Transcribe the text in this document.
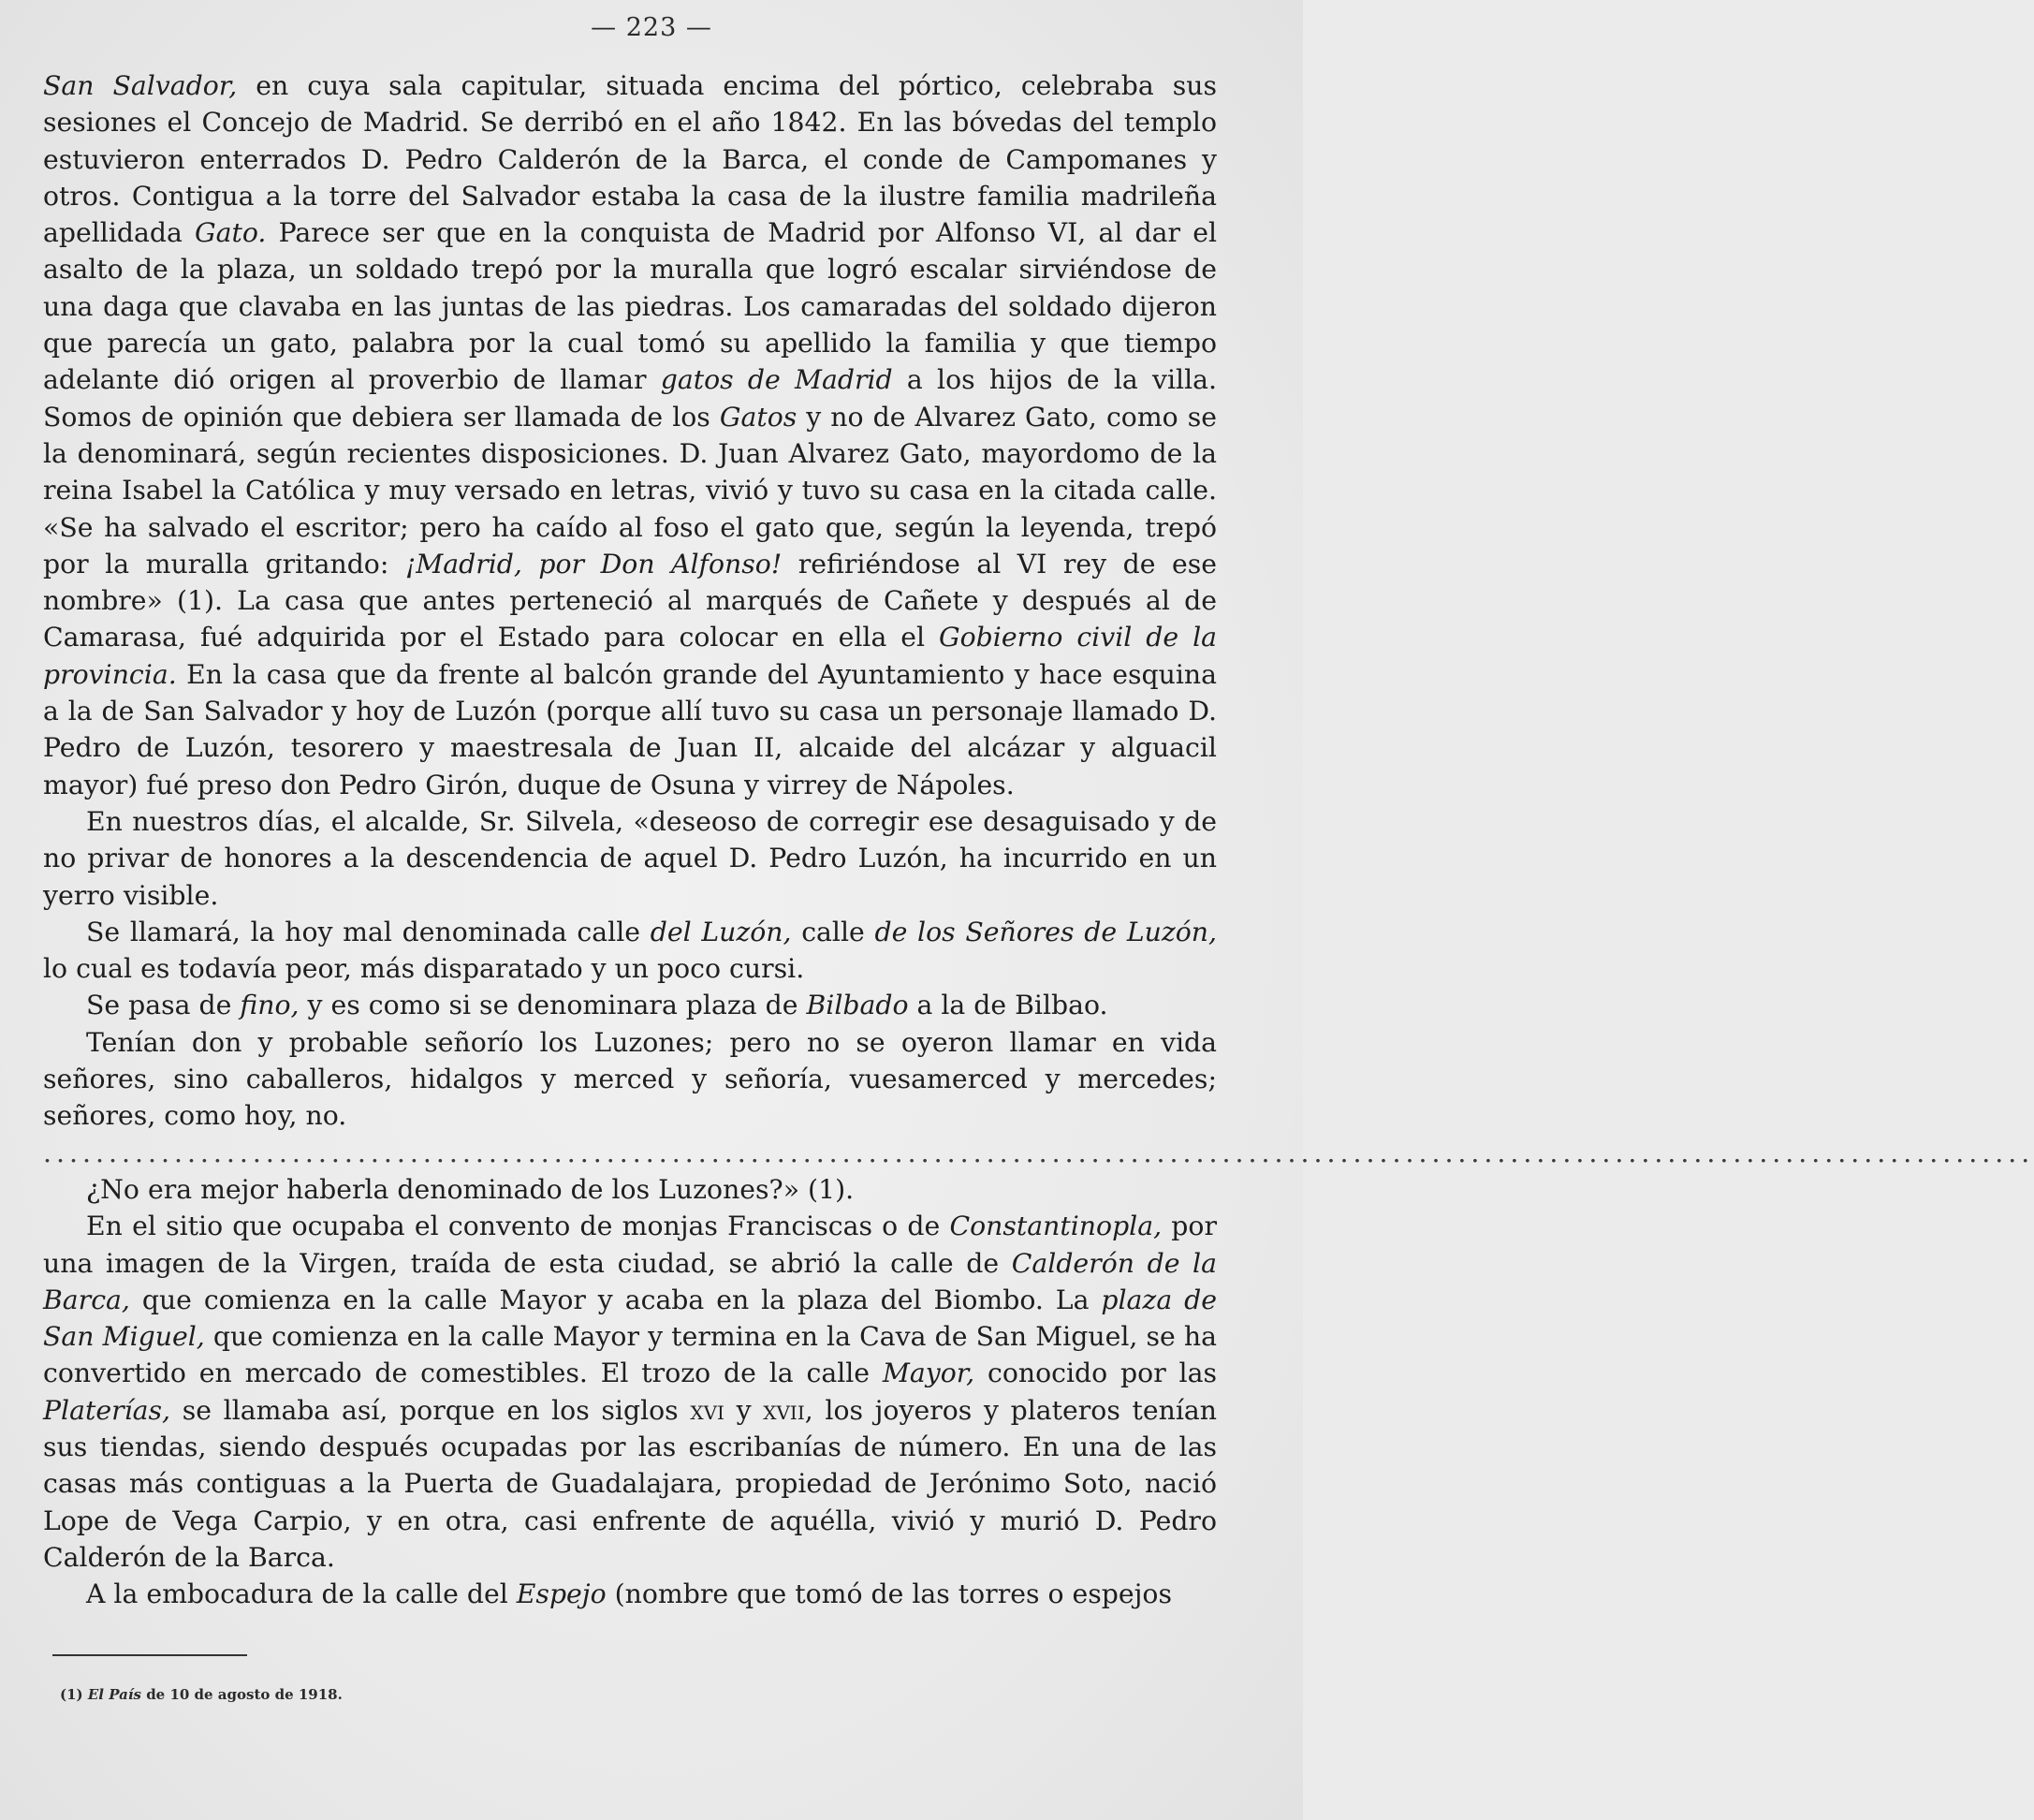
— 223 —

San Salvador, en cuya sala capitular, situada encima del pórtico, celebraba sus sesiones el Concejo de Madrid. Se derribó en el año 1842. En las bóvedas del templo estuvieron enterrados D. Pedro Calderón de la Barca, el conde de Campomanes y otros. Contigua a la torre del Salvador estaba la casa de la ilustre familia madrileña apellidada Gato. Parece ser que en la conquista de Madrid por Alfonso VI, al dar el asalto de la plaza, un soldado trepó por la muralla que logró escalar sirviéndose de una daga que clavaba en las juntas de las piedras. Los camaradas del soldado dijeron que parecía un gato, palabra por la cual tomó su apellido la familia y que tiempo adelante dió origen al proverbio de llamar gatos de Madrid a los hijos de la villa. Somos de opinión que debiera ser llamada de los Gatos y no de Alvarez Gato, como se la denominará, según recientes disposiciones. D. Juan Alvarez Gato, mayordomo de la reina Isabel la Católica y muy versado en letras, vivió y tuvo su casa en la citada calle. «Se ha salvado el escritor; pero ha caído al foso el gato que, según la leyenda, trepó por la muralla gritando: ¡Madrid, por Don Alfonso! refiriéndose al VI rey de ese nombre» (1). La casa que antes perteneció al marqués de Cañete y después al de Camarasa, fué adquirida por el Estado para colocar en ella el Gobierno civil de la provincia. En la casa que da frente al balcón grande del Ayuntamiento y hace esquina a la de San Salvador y hoy de Luzón (porque allí tuvo su casa un personaje llamado D. Pedro de Luzón, tesorero y maestresala de Juan II, alcaide del alcázar y alguacil mayor) fué preso don Pedro Girón, duque de Osuna y virrey de Nápoles.

En nuestros días, el alcalde, Sr. Silvela, «deseoso de corregir ese desaguisado y de no privar de honores a la descendencia de aquel D. Pedro Luzón, ha incurrido en un yerro visible.

Se llamará, la hoy mal denominada calle del Luzón, calle de los Señores de Luzón, lo cual es todavía peor, más disparatado y un poco cursi.

Se pasa de fino, y es como si se denominara plaza de Bilbado a la de Bilbao.

Tenían don y probable señorío los Luzones; pero no se oyeron llamar en vida señores, sino caballeros, hidalgos y merced y señoría, vuesamerced y mercedes; señores, como hoy, no.

........................................................................................................................................................

¿No era mejor haberla denominado de los Luzones?» (1).

En el sitio que ocupaba el convento de monjas Franciscas o de Constantinopla, por una imagen de la Virgen, traída de esta ciudad, se abrió la calle de Calderón de la Barca, que comienza en la calle Mayor y acaba en la plaza del Biombo. La plaza de San Miguel, que comienza en la calle Mayor y termina en la Cava de San Miguel, se ha convertido en mercado de comestibles. El trozo de la calle Mayor, conocido por las Platerías, se llamaba así, porque en los siglos xvi y xvii, los joyeros y plateros tenían sus tiendas, siendo después ocupadas por las escribanías de número. En una de las casas más contiguas a la Puerta de Guadalajara, propiedad de Jerónimo Soto, nació Lope de Vega Carpio, y en otra, casi enfrente de aquélla, vivió y murió D. Pedro Calderón de la Barca.

A la embocadura de la calle del Espejo (nombre que tomó de las torres o espejos

(1) El País de 10 de agosto de 1918.
